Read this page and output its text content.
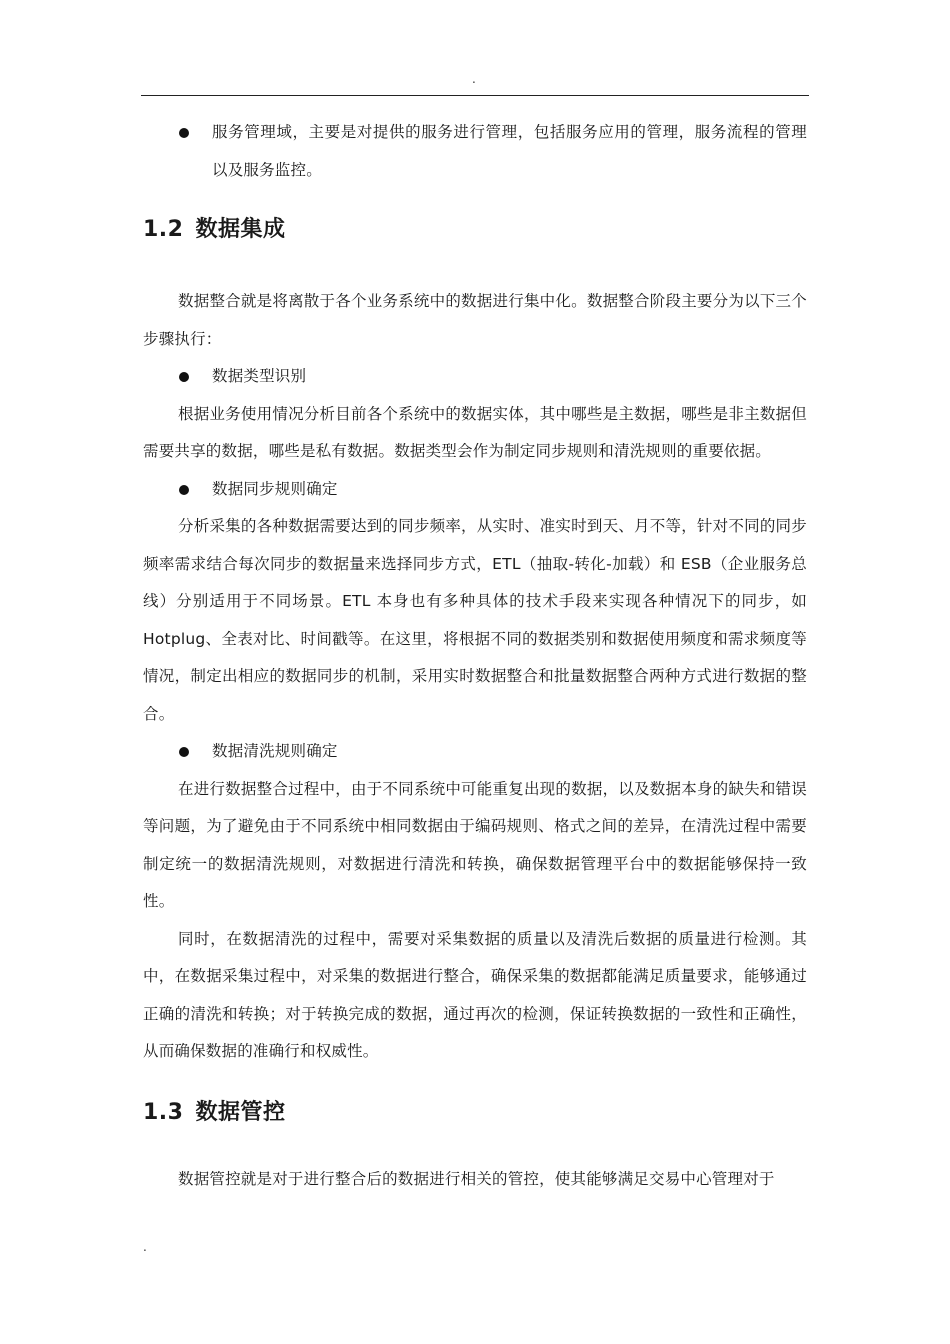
.

服务管理域，主要是对提供的服务进行管理，包括服务应用的管理，服务流程的管理以及服务监控。

1.2 数据集成

数据整合就是将离散于各个业务系统中的数据进行集中化。数据整合阶段主要分为以下三个步骤执行：

数据类型识别

根据业务使用情况分析目前各个系统中的数据实体，其中哪些是主数据，哪些是非主数据但需要共享的数据，哪些是私有数据。数据类型会作为制定同步规则和清洗规则的重要依据。

数据同步规则确定

分析采集的各种数据需要达到的同步频率，从实时、准实时到天、月不等，针对不同的同步频率需求结合每次同步的数据量来选择同步方式，ETL（抽取-转化-加载）和 ESB（企业服务总线）分别适用于不同场景。ETL 本身也有多种具体的技术手段来实现各种情况下的同步，如 Hotplug、全表对比、时间戳等。在这里，将根据不同的数据类别和数据使用频度和需求频度等情况，制定出相应的数据同步的机制，采用实时数据整合和批量数据整合两种方式进行数据的整合。

数据清洗规则确定

在进行数据整合过程中，由于不同系统中可能重复出现的数据，以及数据本身的缺失和错误等问题，为了避免由于不同系统中相同数据由于编码规则、格式之间的差异，在清洗过程中需要制定统一的数据清洗规则，对数据进行清洗和转换，确保数据管理平台中的数据能够保持一致性。

同时，在数据清洗的过程中，需要对采集数据的质量以及清洗后数据的质量进行检测。其中，在数据采集过程中，对采集的数据进行整合，确保采集的数据都能满足质量要求，能够通过正确的清洗和转换；对于转换完成的数据，通过再次的检测，保证转换数据的一致性和正确性，从而确保数据的准确行和权威性。

1.3 数据管控

数据管控就是对于进行整合后的数据进行相关的管控，使其能够满足交易中心管理对于

.
